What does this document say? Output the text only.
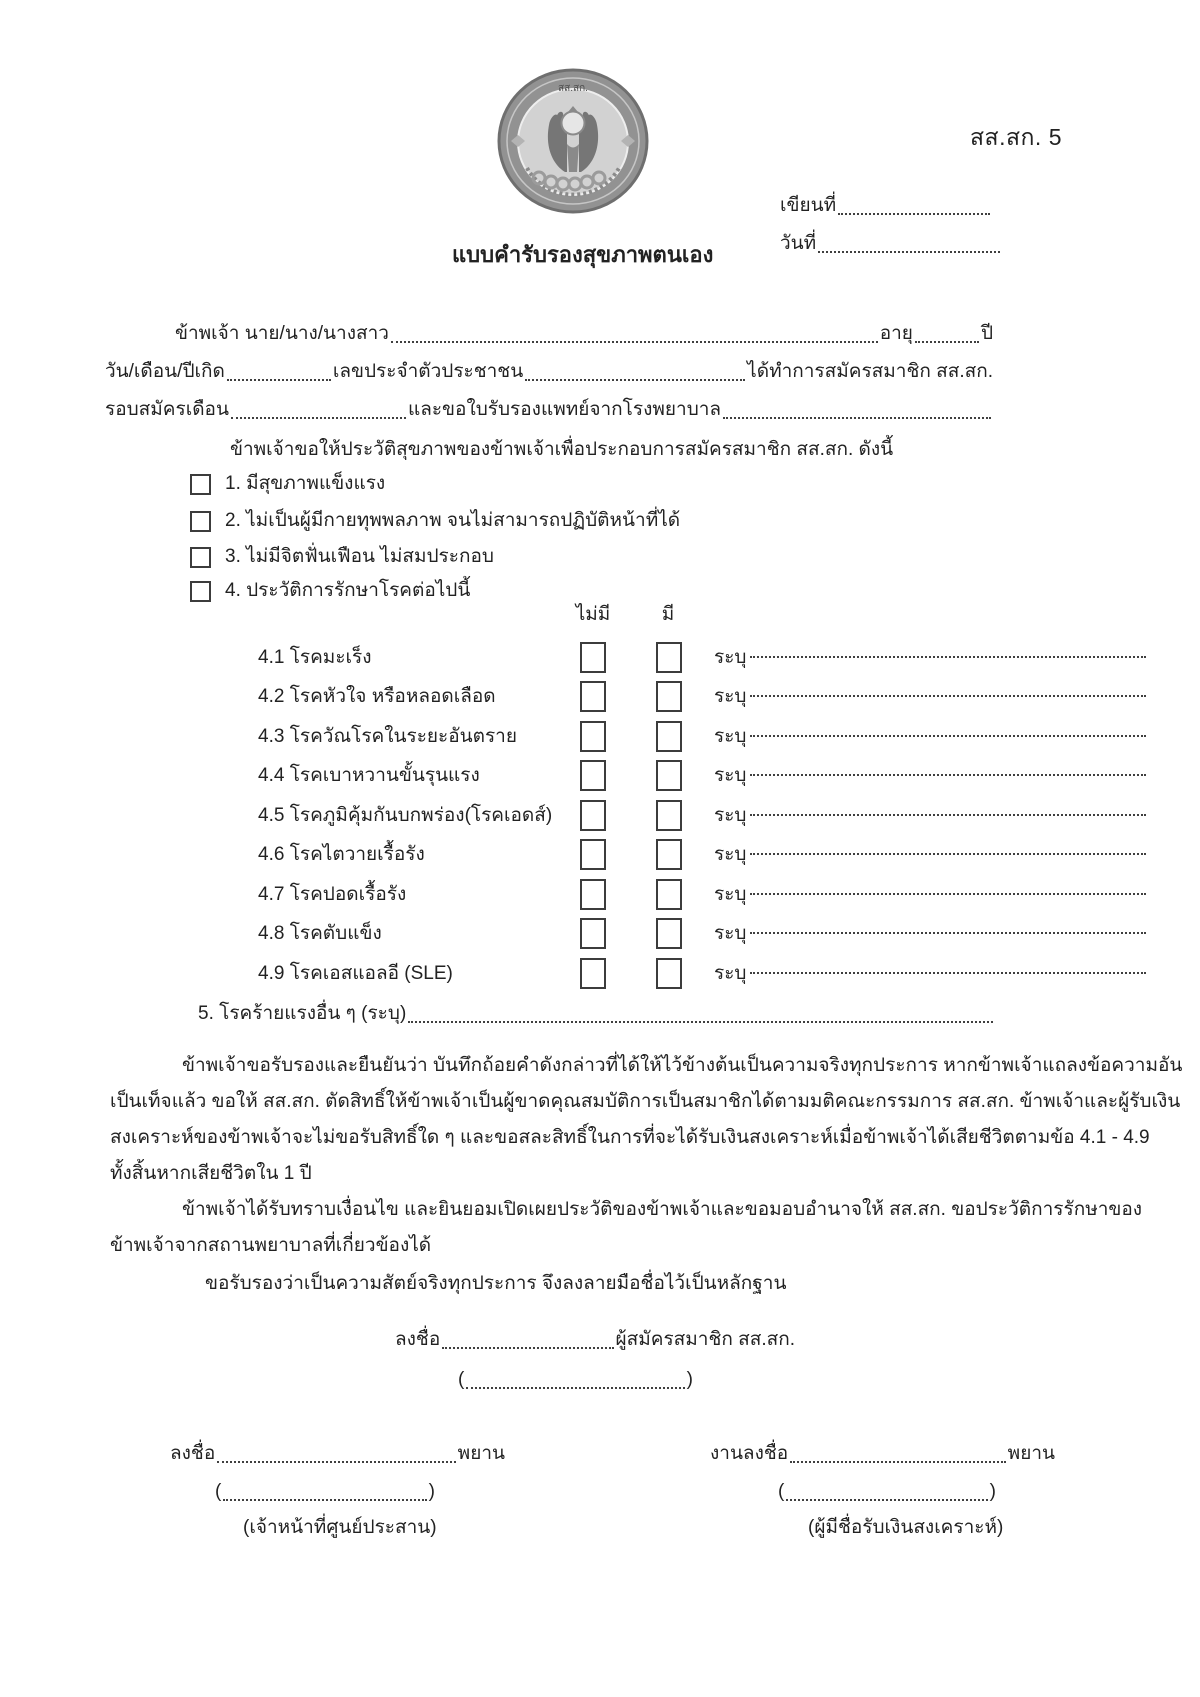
สส.สก.
สส.สก. 5
เขียนที่
วันที่
แบบคำรับรองสุขภาพตนเอง
ข้าพเจ้า นาย/นาง/นางสาว	อายุ	ปี
วัน/เดือน/ปีเกิด	เลขประจำตัวประชาชน	ได้ทำการสมัครสมาชิก สส.สก.
รอบสมัครเดือน	และขอใบรับรองแพทย์จากโรงพยาบาล
ข้าพเจ้าขอให้ประวัติสุขภาพของข้าพเจ้าเพื่อประกอบการสมัครสมาชิก สส.สก. ดังนี้
1. มีสุขภาพแข็งแรง
2. ไม่เป็นผู้มีกายทุพพลภาพ จนไม่สามารถปฏิบัติหน้าที่ได้
3. ไม่มีจิตฟั่นเฟือน ไม่สมประกอบ
4. ประวัติการรักษาโรคต่อไปนี้
ไม่มี	มี
4.1 โรคมะเร็ง	ระบุ
4.2 โรคหัวใจ หรือหลอดเลือด	ระบุ
4.3 โรควัณโรคในระยะอันตราย	ระบุ
4.4 โรคเบาหวานขั้นรุนแรง	ระบุ
4.5 โรคภูมิคุ้มกันบกพร่อง(โรคเอดส์)	ระบุ
4.6 โรคไตวายเรื้อรัง	ระบุ
4.7 โรคปอดเรื้อรัง	ระบุ
4.8 โรคตับแข็ง	ระบุ
4.9 โรคเอสแอลอี (SLE)	ระบุ
5. โรคร้ายแรงอื่น ๆ (ระบุ)
ข้าพเจ้าขอรับรองและยืนยันว่า บันทึกถ้อยคำดังกล่าวที่ได้ให้ไว้ข้างต้นเป็นความจริงทุกประการ หากข้าพเจ้าแถลงข้อความอัน
เป็นเท็จแล้ว ขอให้ สส.สก. ตัดสิทธิ์ให้ข้าพเจ้าเป็นผู้ขาดคุณสมบัติการเป็นสมาชิกได้ตามมติคณะกรรมการ สส.สก. ข้าพเจ้าและผู้รับเงิน
สงเคราะห์ของข้าพเจ้าจะไม่ขอรับสิทธิ์ใด ๆ และขอสละสิทธิ์ในการที่จะได้รับเงินสงเคราะห์เมื่อข้าพเจ้าได้เสียชีวิตตามข้อ 4.1 - 4.9
ทั้งสิ้นหากเสียชีวิตใน 1 ปี
ข้าพเจ้าได้รับทราบเงื่อนไข และยินยอมเปิดเผยประวัติของข้าพเจ้าและขอมอบอำนาจให้ สส.สก. ขอประวัติการรักษาของ
ข้าพเจ้าจากสถานพยาบาลที่เกี่ยวข้องได้
ขอรับรองว่าเป็นความสัตย์จริงทุกประการ จึงลงลายมือชื่อไว้เป็นหลักฐาน
ลงชื่อ	ผู้สมัครสมาชิก สส.สก.
(	)
ลงชื่อ	พยาน
(	)
(เจ้าหน้าที่ศูนย์ประสาน)
งานลงชื่อ	พยาน
(	)
(ผู้มีชื่อรับเงินสงเคราะห์)
